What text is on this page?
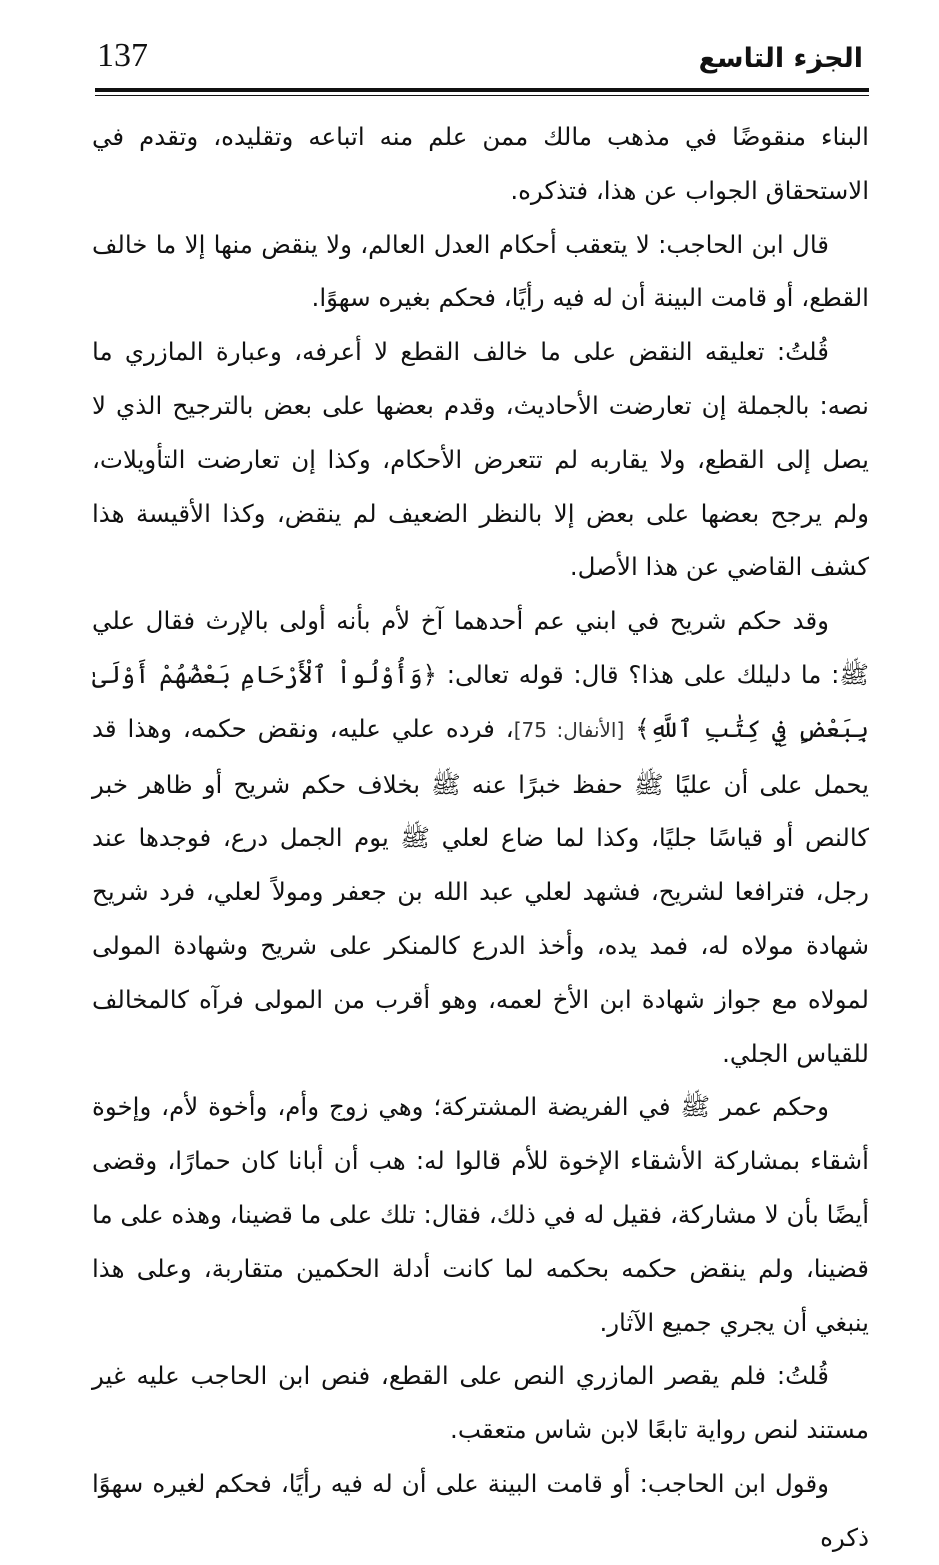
137	الجزء التاسع

البناء منقوضًا في مذهب مالك ممن علم منه اتباعه وتقليده، وتقدم في الاستحقاق الجواب عن هذا، فتذكره.

قال ابن الحاجب: لا يتعقب أحكام العدل العالم، ولا ينقض منها إلا ما خالف القطع، أو قامت البينة أن له فيه رأيًا، فحكم بغيره سهوًا.

قُلتُ: تعليقه النقض على ما خالف القطع لا أعرفه، وعبارة المازري ما نصه: بالجملة إن تعارضت الأحاديث، وقدم بعضها على بعض بالترجيح الذي لا يصل إلى القطع، ولا يقاربه لم تتعرض الأحكام، وكذا إن تعارضت التأويلات، ولم يرجح بعضها على بعض إلا بالنظر الضعيف لم ينقض، وكذا الأقيسة هذا كشف القاضي عن هذا الأصل.

وقد حكم شريح في ابني عم أحدهما آخ لأم بأنه أولى بالإرث فقال علي ﷺ: ما دليلك على هذا؟ قال: قوله تعالى: ﴿وَأُوْلُواْ ٱلْأَرْحَامِ بَعْضُهُمْ أَوْلَىٰ بِبَعْضٍ فِي كِتَٰبِ ٱللَّهِ﴾ [الأنفال: 75]، فرده علي عليه، ونقض حكمه، وهذا قد يحمل على أن عليًا ﷺ حفظ خبرًا عنه ﷺ بخلاف حكم شريح أو ظاهر خبر كالنص أو قياسًا جليًا، وكذا لما ضاع لعلي ﷺ يوم الجمل درع، فوجدها عند رجل، فترافعا لشريح، فشهد لعلي عبد الله بن جعفر ومولاً لعلي، فرد شريح شهادة مولاه له، فمد يده، وأخذ الدرع كالمنكر على شريح وشهادة المولى لمولاه مع جواز شهادة ابن الأخ لعمه، وهو أقرب من المولى فرآه كالمخالف للقياس الجلي.

وحكم عمر ﷺ في الفريضة المشتركة؛ وهي زوج وأم، وأخوة لأم، وإخوة أشقاء بمشاركة الأشقاء الإخوة للأم قالوا له: هب أن أبانا كان حمارًا، وقضى أيضًا بأن لا مشاركة، فقيل له في ذلك، فقال: تلك على ما قضينا، وهذه على ما قضينا، ولم ينقض حكمه بحكمه لما كانت أدلة الحكمين متقاربة، وعلى هذا ينبغي أن يجري جميع الآثار.

قُلتُ: فلم يقصر المازري النص على القطع، فنص ابن الحاجب عليه غير مستند لنص رواية تابعًا لابن شاس متعقب.

وقول ابن الحاجب: أو قامت البينة على أن له فيه رأيًا، فحكم لغيره سهوًا ذكره
